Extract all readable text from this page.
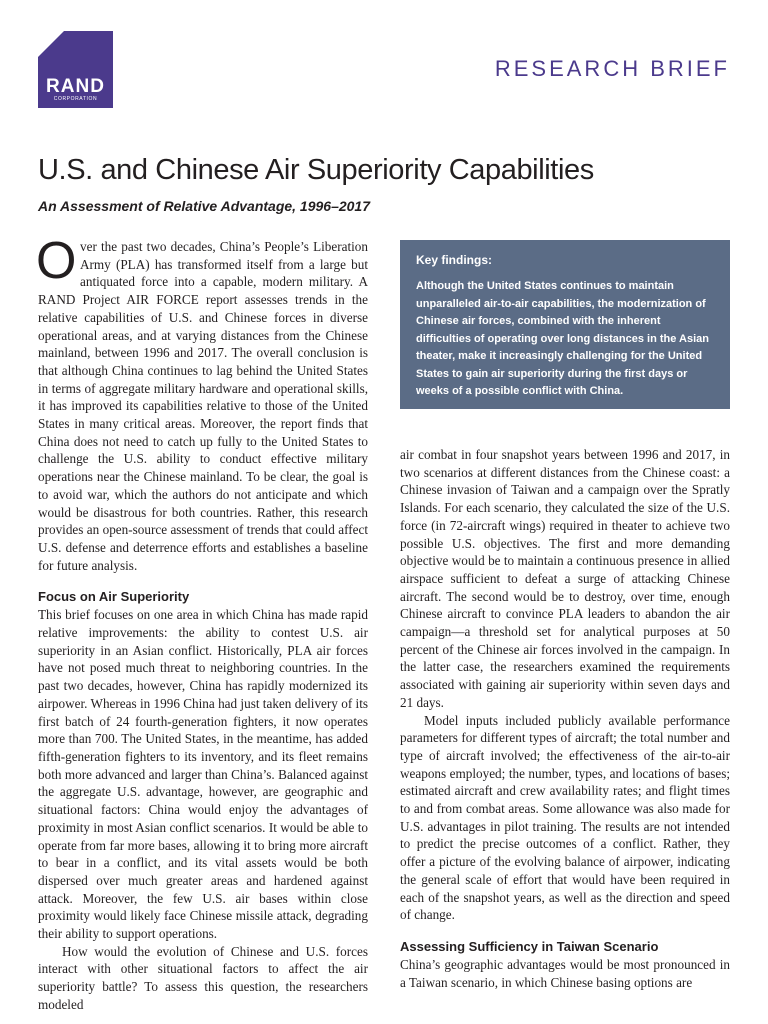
RAND
CORPORATION
RESEARCH BRIEF
U.S. and Chinese Air Superiority Capabilities
An Assessment of Relative Advantage, 1996–2017

Over the past two decades, China’s People’s Liberation Army (PLA) has transformed itself from a large but antiquated force into a capable, modern military. A RAND Project AIR FORCE report assesses trends in the relative capabilities of U.S. and Chinese forces in diverse operational areas, and at varying distances from the Chinese mainland, between 1996 and 2017. The overall conclusion is that although China continues to lag behind the United States in terms of aggregate military hardware and operational skills, it has improved its capabilities relative to those of the United States in many critical areas. Moreover, the report finds that China does not need to catch up fully to the United States to challenge the U.S. ability to conduct effective military operations near the Chinese mainland. To be clear, the goal is to avoid war, which the authors do not anticipate and which would be disastrous for both countries. Rather, this research provides an open-source assessment of trends that could affect U.S. defense and deterrence efforts and establishes a baseline for future analysis.

Focus on Air Superiority

This brief focuses on one area in which China has made rapid relative improvements: the ability to contest U.S. air superiority in an Asian conflict. Historically, PLA air forces have not posed much threat to neighboring countries. In the past two decades, however, China has rapidly modernized its airpower. Whereas in 1996 China had just taken delivery of its first batch of 24 fourth-generation fighters, it now operates more than 700. The United States, in the meantime, has added fifth-generation fighters to its inventory, and its fleet remains both more advanced and larger than China’s. Balanced against the aggregate U.S. advantage, however, are geographic and situational factors: China would enjoy the advantages of proximity in most Asian conflict scenarios. It would be able to operate from far more bases, allowing it to bring more aircraft to bear in a conflict, and its vital assets would be both dispersed over much greater areas and hardened against attack. Moreover, the few U.S. air bases within close proximity would likely face Chinese missile attack, degrading their ability to support operations.

How would the evolution of Chinese and U.S. forces interact with other situational factors to affect the air superiority battle? To assess this question, the researchers modeled

Key findings:

Although the United States continues to maintain unparalleled air-to-air capabilities, the modernization of Chinese air forces, combined with the inherent difficulties of operating over long distances in the Asian theater, make it increasingly challenging for the United States to gain air superiority during the first days or weeks of a possible conflict with China.

air combat in four snapshot years between 1996 and 2017, in two scenarios at different distances from the Chinese coast: a Chinese invasion of Taiwan and a campaign over the Spratly Islands. For each scenario, they calculated the size of the U.S. force (in 72-aircraft wings) required in theater to achieve two possible U.S. objectives. The first and more demanding objective would be to maintain a continuous presence in allied airspace sufficient to defeat a surge of attacking Chinese aircraft. The second would be to destroy, over time, enough Chinese aircraft to convince PLA leaders to abandon the air campaign—a threshold set for analytical purposes at 50 percent of the Chinese air forces involved in the campaign. In the latter case, the researchers examined the requirements associated with gaining air superiority within seven days and 21 days.

Model inputs included publicly available performance parameters for different types of aircraft; the total number and type of aircraft involved; the effectiveness of the air-to-air weapons employed; the number, types, and locations of bases; estimated aircraft and crew availability rates; and flight times to and from combat areas. Some allowance was also made for U.S. advantages in pilot training. The results are not intended to predict the precise outcomes of a conflict. Rather, they offer a picture of the evolving balance of airpower, indicating the general scale of effort that would have been required in each of the snapshot years, as well as the direction and speed of change.

Assessing Sufficiency in Taiwan Scenario

China’s geographic advantages would be most pronounced in a Taiwan scenario, in which Chinese basing options are
